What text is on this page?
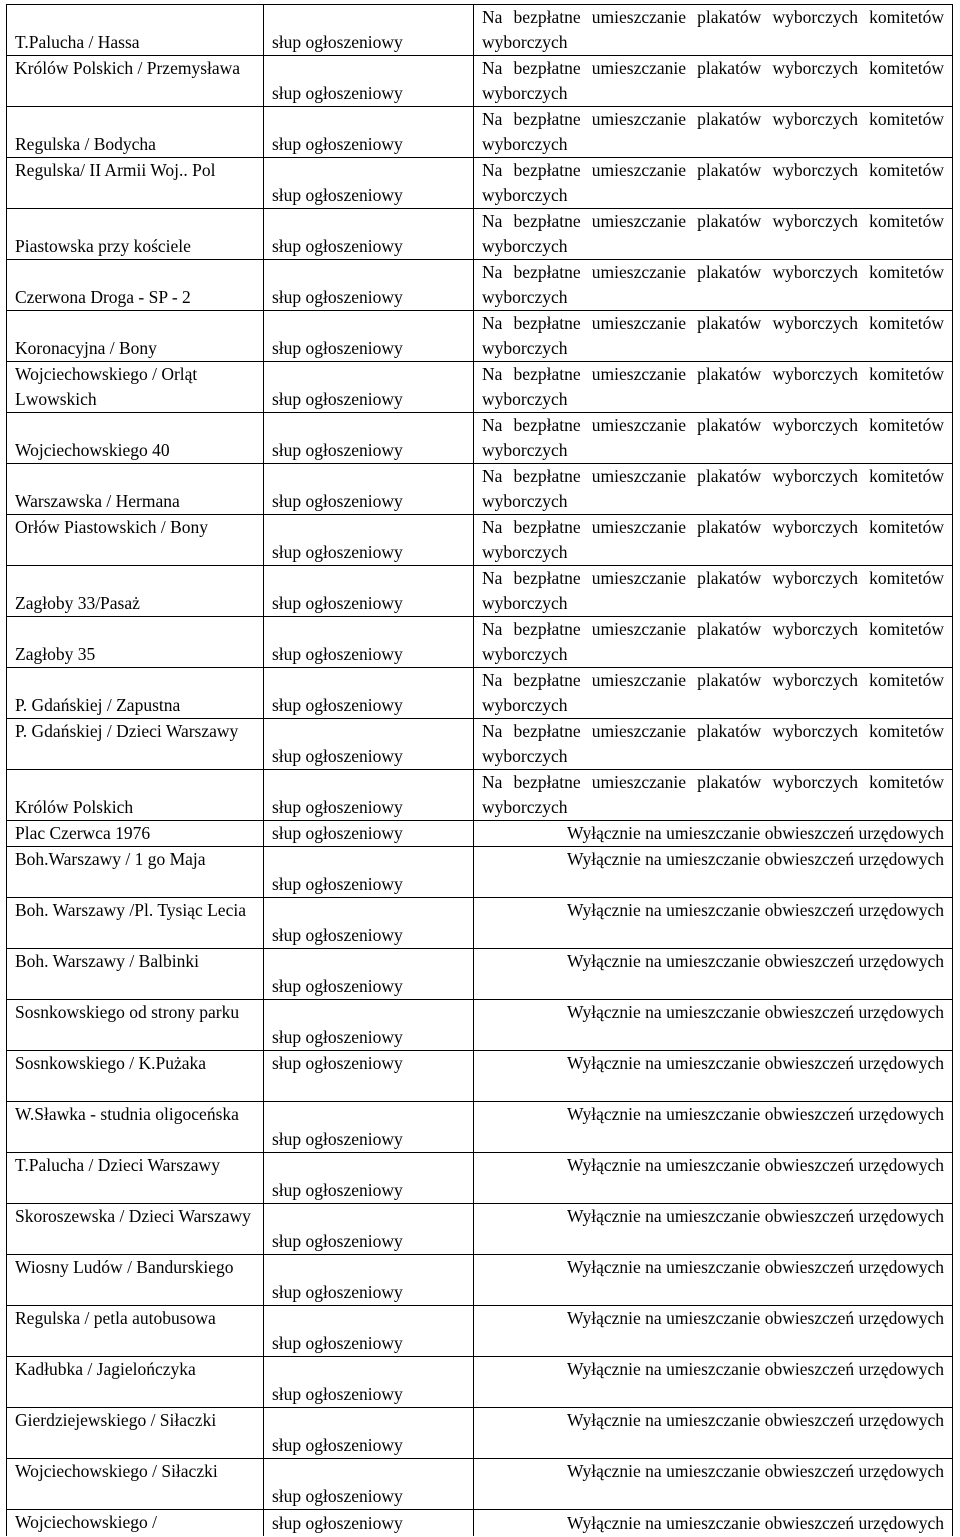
T.Palucha / Hassa	słup ogłoszeniowy	Na bezpłatne umieszczanie plakatów wyborczych komitetów wyborczych
Królów Polskich / Przemysława	słup ogłoszeniowy	Na bezpłatne umieszczanie plakatów wyborczych komitetów wyborczych
Regulska / Bodycha	słup ogłoszeniowy	Na bezpłatne umieszczanie plakatów wyborczych komitetów wyborczych
Regulska/ II Armii Woj.. Pol	słup ogłoszeniowy	Na bezpłatne umieszczanie plakatów wyborczych komitetów wyborczych
Piastowska przy kościele	słup ogłoszeniowy	Na bezpłatne umieszczanie plakatów wyborczych komitetów wyborczych
Czerwona Droga - SP - 2	słup ogłoszeniowy	Na bezpłatne umieszczanie plakatów wyborczych komitetów wyborczych
Koronacyjna / Bony	słup ogłoszeniowy	Na bezpłatne umieszczanie plakatów wyborczych komitetów wyborczych
Wojciechowskiego / Orląt Lwowskich	słup ogłoszeniowy	Na bezpłatne umieszczanie plakatów wyborczych komitetów wyborczych
Wojciechowskiego 40	słup ogłoszeniowy	Na bezpłatne umieszczanie plakatów wyborczych komitetów wyborczych
Warszawska / Hermana	słup ogłoszeniowy	Na bezpłatne umieszczanie plakatów wyborczych komitetów wyborczych
Orłów Piastowskich / Bony	słup ogłoszeniowy	Na bezpłatne umieszczanie plakatów wyborczych komitetów wyborczych
Zagłoby 33/Pasaż	słup ogłoszeniowy	Na bezpłatne umieszczanie plakatów wyborczych komitetów wyborczych
Zagłoby 35	słup ogłoszeniowy	Na bezpłatne umieszczanie plakatów wyborczych komitetów wyborczych
P. Gdańskiej / Zapustna	słup ogłoszeniowy	Na bezpłatne umieszczanie plakatów wyborczych komitetów wyborczych
P. Gdańskiej / Dzieci Warszawy	słup ogłoszeniowy	Na bezpłatne umieszczanie plakatów wyborczych komitetów wyborczych
Królów Polskich	słup ogłoszeniowy	Na bezpłatne umieszczanie plakatów wyborczych komitetów wyborczych
Plac Czerwca 1976	słup ogłoszeniowy	Wyłącznie na umieszczanie obwieszczeń urzędowych
Boh.Warszawy / 1 go Maja	słup ogłoszeniowy	Wyłącznie na umieszczanie obwieszczeń urzędowych
Boh. Warszawy /Pl. Tysiąc Lecia	słup ogłoszeniowy	Wyłącznie na umieszczanie obwieszczeń urzędowych
Boh. Warszawy / Balbinki	słup ogłoszeniowy	Wyłącznie na umieszczanie obwieszczeń urzędowych
Sosnkowskiego od strony parku	słup ogłoszeniowy	Wyłącznie na umieszczanie obwieszczeń urzędowych
Sosnkowskiego / K.Pużaka	słup ogłoszeniowy	Wyłącznie na umieszczanie obwieszczeń urzędowych
W.Sławka - studnia oligoceńska	słup ogłoszeniowy	Wyłącznie na umieszczanie obwieszczeń urzędowych
T.Palucha / Dzieci Warszawy	słup ogłoszeniowy	Wyłącznie na umieszczanie obwieszczeń urzędowych
Skoroszewska / Dzieci Warszawy	słup ogłoszeniowy	Wyłącznie na umieszczanie obwieszczeń urzędowych
Wiosny Ludów / Bandurskiego	słup ogłoszeniowy	Wyłącznie na umieszczanie obwieszczeń urzędowych
Regulska / petla autobusowa	słup ogłoszeniowy	Wyłącznie na umieszczanie obwieszczeń urzędowych
Kadłubka / Jagielończyka	słup ogłoszeniowy	Wyłącznie na umieszczanie obwieszczeń urzędowych
Gierdziejewskiego / Siłaczki	słup ogłoszeniowy	Wyłącznie na umieszczanie obwieszczeń urzędowych
Wojciechowskiego / Siłaczki	słup ogłoszeniowy	Wyłącznie na umieszczanie obwieszczeń urzędowych
Wojciechowskiego /	słup ogłoszeniowy	Wyłącznie na umieszczanie obwieszczeń urzędowych
